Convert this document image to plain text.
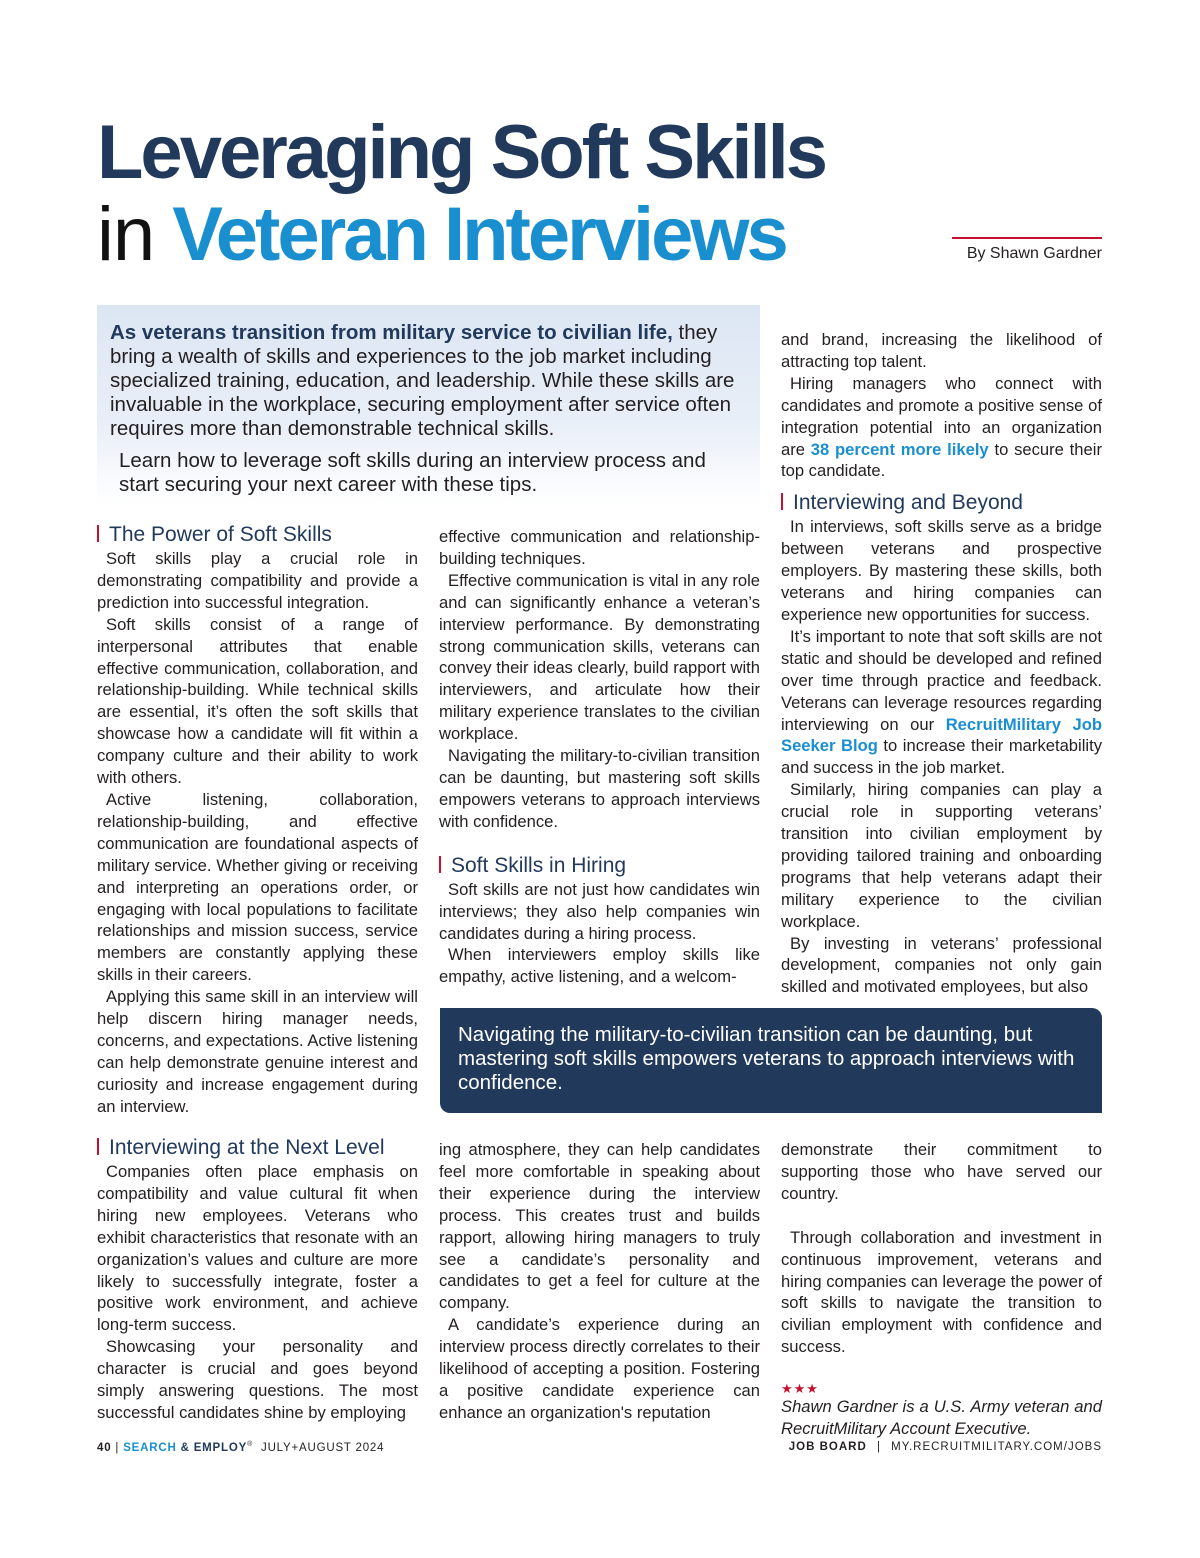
Leveraging Soft Skills
in Veteran Interviews	By Shawn Gardner

As veterans transition from military service to civilian life, they bring a wealth of skills and experiences to the job market including specialized training, education, and leadership. While these skills are invaluable in the workplace, securing employment after service often requires more than demonstrable technical skills.

Learn how to leverage soft skills during an interview process and start securing your next career with these tips.

The Power of Soft Skills

Soft skills play a crucial role in demonstrating compatibility and provide a prediction into successful integration.

Soft skills consist of a range of interpersonal attributes that enable effective communication, collaboration, and relationship-building. While technical skills are essential, it’s often the soft skills that showcase how a candidate will fit within a company culture and their ability to work with others.

Active listening, collaboration, relationship-building, and effective communication are foundational aspects of military service. Whether giving or receiving and interpreting an operations order, or engaging with local populations to facilitate relationships and mission success, service members are constantly applying these skills in their careers.

Applying this same skill in an interview will help discern hiring manager needs, concerns, and expectations. Active listening can help demonstrate genuine interest and curiosity and increase engagement during an interview.

effective communication and relationship-building techniques.

Effective communication is vital in any role and can significantly enhance a veteran’s interview performance. By demonstrating strong communication skills, veterans can convey their ideas clearly, build rapport with interviewers, and articulate how their military experience translates to the civilian workplace.

Navigating the military-to-civilian transition can be daunting, but mastering soft skills empowers veterans to approach interviews with confidence.

Soft Skills in Hiring

Soft skills are not just how candidates win interviews; they also help companies win candidates during a hiring process.

When interviewers employ skills like empathy, active listening, and a welcom-

and brand, increasing the likelihood of attracting top talent.

Hiring managers who connect with candidates and promote a positive sense of integration potential into an organization are 38 percent more likely to secure their top candidate.

Interviewing and Beyond

In interviews, soft skills serve as a bridge between veterans and prospective employers. By mastering these skills, both veterans and hiring companies can experience new opportunities for success.

It’s important to note that soft skills are not static and should be developed and refined over time through practice and feedback. Veterans can leverage resources regarding interviewing on our RecruitMilitary Job Seeker Blog to increase their marketability and success in the job market.

Similarly, hiring companies can play a crucial role in supporting veterans’ transition into civilian employment by providing tailored training and onboarding programs that help veterans adapt their military experience to the civilian workplace.

By investing in veterans’ professional development, companies not only gain skilled and motivated employees, but also

Navigating the military-to-civilian transition can be daunting, but mastering soft skills empowers veterans to approach interviews with confidence.

Interviewing at the Next Level

Companies often place emphasis on compatibility and value cultural fit when hiring new employees. Veterans who exhibit characteristics that resonate with an organization’s values and culture are more likely to successfully integrate, foster a positive work environment, and achieve long-term success.

Showcasing your personality and character is crucial and goes beyond simply answering questions. The most successful candidates shine by employing

ing atmosphere, they can help candidates feel more comfortable in speaking about their experience during the interview process. This creates trust and builds rapport, allowing hiring managers to truly see a candidate’s personality and candidates to get a feel for culture at the company.

A candidate’s experience during an interview process directly correlates to their likelihood of accepting a position. Fostering a positive candidate experience can enhance an organization's reputation

demonstrate their commitment to supporting those who have served our country.

Through collaboration and investment in continuous improvement, veterans and hiring companies can leverage the power of soft skills to navigate the transition to civilian employment with confidence and success.

★★★

Shawn Gardner is a U.S. Army veteran and RecruitMilitary Account Executive.

40 | SEARCH & EMPLOY® JULY+AUGUST 2024	JOB BOARD | MY.RECRUITMILITARY.COM/JOBS
